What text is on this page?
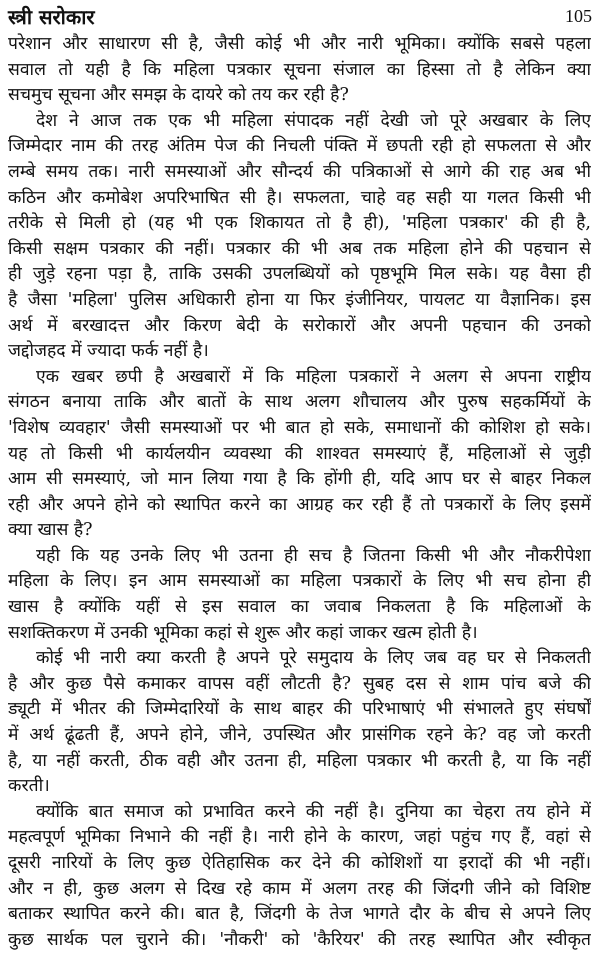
स्त्री सरोकार	105
परेशान और साधारण सी है, जैसी कोई भी और नारी भूमिका। क्योंकि सबसे पहला
सवाल तो यही है कि महिला पत्रकार सूचना संजाल का हिस्सा तो है लेकिन क्या
सचमुच सूचना और समझ के दायरे को तय कर रही है?
देश ने आज तक एक भी महिला संपादक नहीं देखी जो पूरे अखबार के लिए
जिम्मेदार नाम की तरह अंतिम पेज की निचली पंक्ति में छपती रही हो सफलता से और
लम्बे समय तक। नारी समस्याओं और सौन्दर्य की पत्रिकाओं से आगे की राह अब भी
कठिन और कमोबेश अपरिभाषित सी है। सफलता, चाहे वह सही या गलत किसी भी
तरीके से मिली हो (यह भी एक शिकायत तो है ही), 'महिला पत्रकार' की ही है,
किसी सक्षम पत्रकार की नहीं। पत्रकार की भी अब तक महिला होने की पहचान से
ही जुड़े रहना पड़ा है, ताकि उसकी उपलब्धियों को पृष्ठभूमि मिल सके। यह वैसा ही
है जैसा 'महिला' पुलिस अधिकारी होना या फिर इंजीनियर, पायलट या वैज्ञानिक। इस
अर्थ में बरखादत्त और किरण बेदी के सरोकारों और अपनी पहचान की उनको
जद्दोजहद में ज्यादा फर्क नहीं है।
एक खबर छपी है अखबारों में कि महिला पत्रकारों ने अलग से अपना राष्ट्रीय
संगठन बनाया ताकि और बातों के साथ अलग शौचालय और पुरुष सहकर्मियों के
'विशेष व्यवहार' जैसी समस्याओं पर भी बात हो सके, समाधानों की कोशिश हो सके।
यह तो किसी भी कार्यलयीन व्यवस्था की शाश्वत समस्याएं हैं, महिलाओं से जुड़ी
आम सी समस्याएं, जो मान लिया गया है कि होंगी ही, यदि आप घर से बाहर निकल
रही और अपने होने को स्थापित करने का आग्रह कर रही हैं तो पत्रकारों के लिए इसमें
क्या खास है?
यही कि यह उनके लिए भी उतना ही सच है जितना किसी भी और नौकरीपेशा
महिला के लिए। इन आम समस्याओं का महिला पत्रकारों के लिए भी सच होना ही
खास है क्योंकि यहीं से इस सवाल का जवाब निकलता है कि महिलाओं के
सशक्तिकरण में उनकी भूमिका कहां से शुरू और कहां जाकर खत्म होती है।
कोई भी नारी क्या करती है अपने पूरे समुदाय के लिए जब वह घर से निकलती
है और कुछ पैसे कमाकर वापस वहीं लौटती है? सुबह दस से शाम पांच बजे की
ड्यूटी में भीतर की जिम्मेदारियों के साथ बाहर की परिभाषाएं भी संभालते हुए संघर्षों
में अर्थ ढूंढती हैं, अपने होने, जीने, उपस्थित और प्रासंगिक रहने के? वह जो करती
है, या नहीं करती, ठीक वही और उतना ही, महिला पत्रकार भी करती है, या कि नहीं
करती।
क्योंकि बात समाज को प्रभावित करने की नहीं है। दुनिया का चेहरा तय होने में
महत्वपूर्ण भूमिका निभाने की नहीं है। नारी होने के कारण, जहां पहुंच गए हैं, वहां से
दूसरी नारियों के लिए कुछ ऐतिहासिक कर देने की कोशिशों या इरादों की भी नहीं।
और न ही, कुछ अलग से दिख रहे काम में अलग तरह की जिंदगी जीने को विशिष्ट
बताकर स्थापित करने की। बात है, जिंदगी के तेज भागते दौर के बीच से अपने लिए
कुछ सार्थक पल चुराने की। 'नौकरी' को 'कैरियर' की तरह स्थापित और स्वीकृत
